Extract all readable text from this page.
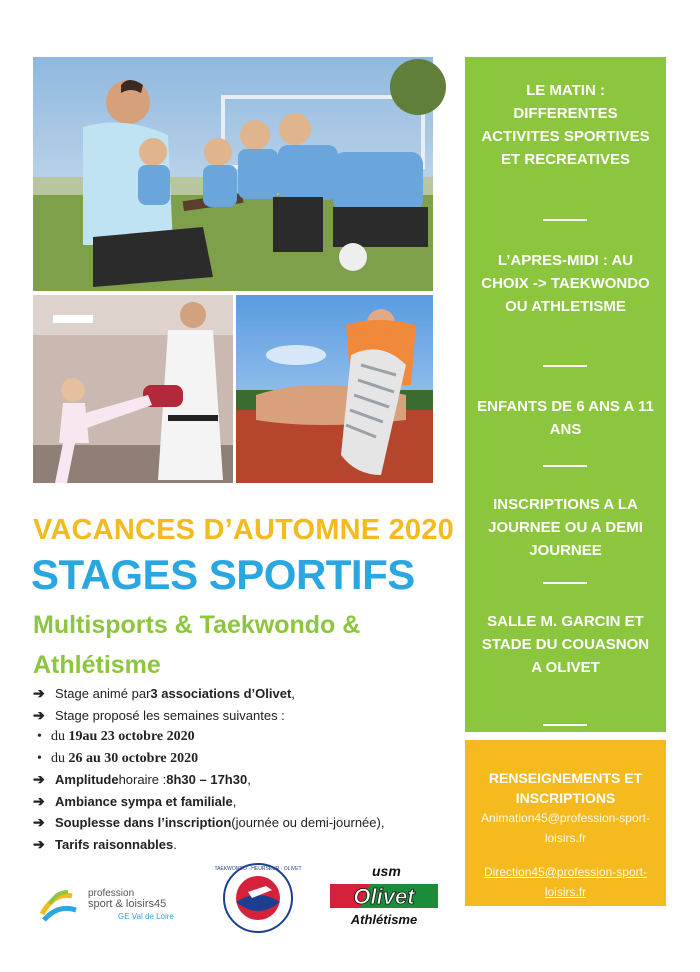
VACANCES D’AUTOMNE 2020
STAGES SPORTIFS
Multisports & Taekwondo & Athlétisme
➔ Stage animé par 3 associations d’Olivet ,
➔ Stage proposé les semaines suivantes :
• du
19 au
23 octobre 2020
• du
26 au 30 octobre 2020
➔ Amplitude horaire : 8h30 – 17h30 ,
➔ Ambiance sympa et familiale ,
➔ Souplesse dans l’inscription (journée ou demi-journée),
➔ Tarifs raisonnables .
LE MATIN : DIFFERENTES ACTIVITES SPORTIVES ET RECREATIVES
L’APRES-MIDI : AU CHOIX -> TAEKWONDO OU ATHLETISME
ENFANTS DE 6 ANS A 11 ANS
INSCRIPTIONS A LA JOURNEE OU A DEMI JOURNEE
SALLE M. GARCIN ET STADE DU COUASNON A OLIVET
RENSEIGNEMENTS ET INSCRIPTIONS
Animation45@profession-sport-loisirs.fr
Direction45@profession-sport-loisirs.fr
profession
sport & loisirs45
GE Val de Loire
TAEKWONDO · HEURSEUR · OLIVET	usm
Olivet
Athlétisme
